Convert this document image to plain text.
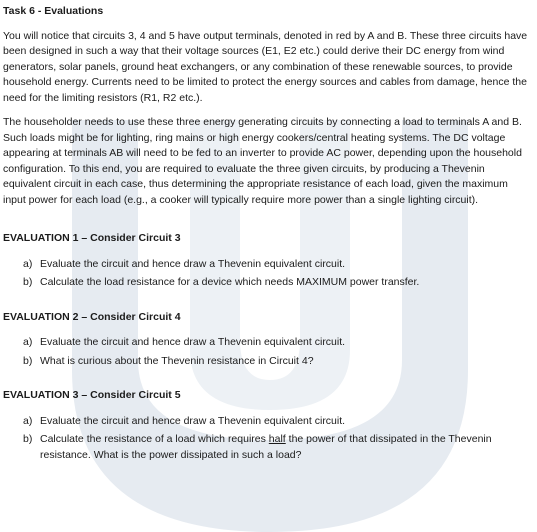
Task 6 - Evaluations

You will notice that circuits 3, 4 and 5 have output terminals, denoted in red by A and B. These three circuits have been designed in such a way that their voltage sources (E1, E2 etc.) could derive their DC energy from wind generators, solar panels, ground heat exchangers, or any combination of these renewable sources, to provide household energy. Currents need to be limited to protect the energy sources and cables from damage, hence the need for the limiting resistors (R1, R2 etc.).

The householder needs to use these three energy generating circuits by connecting a load to terminals A and B. Such loads might be for lighting, ring mains or high energy cookers/central heating systems. The DC voltage appearing at terminals AB will need to be fed to an inverter to provide AC power, depending upon the household configuration. To this end, you are required to evaluate the three given circuits, by producing a Thevenin equivalent circuit in each case, thus determining the appropriate resistance of each load, given the maximum input power for each load (e.g., a cooker will typically require more power than a single lighting circuit).

EVALUATION 1 – Consider Circuit 3
a) Evaluate the circuit and hence draw a Thevenin equivalent circuit.
b) Calculate the load resistance for a device which needs MAXIMUM power transfer.
EVALUATION 2 – Consider Circuit 4
a) Evaluate the circuit and hence draw a Thevenin equivalent circuit.
b) What is curious about the Thevenin resistance in Circuit 4?
EVALUATION 3 – Consider Circuit 5
a) Evaluate the circuit and hence draw a Thevenin equivalent circuit.
b) Calculate the resistance of a load which requires half the power of that dissipated in the Thevenin resistance. What is the power dissipated in such a load?
